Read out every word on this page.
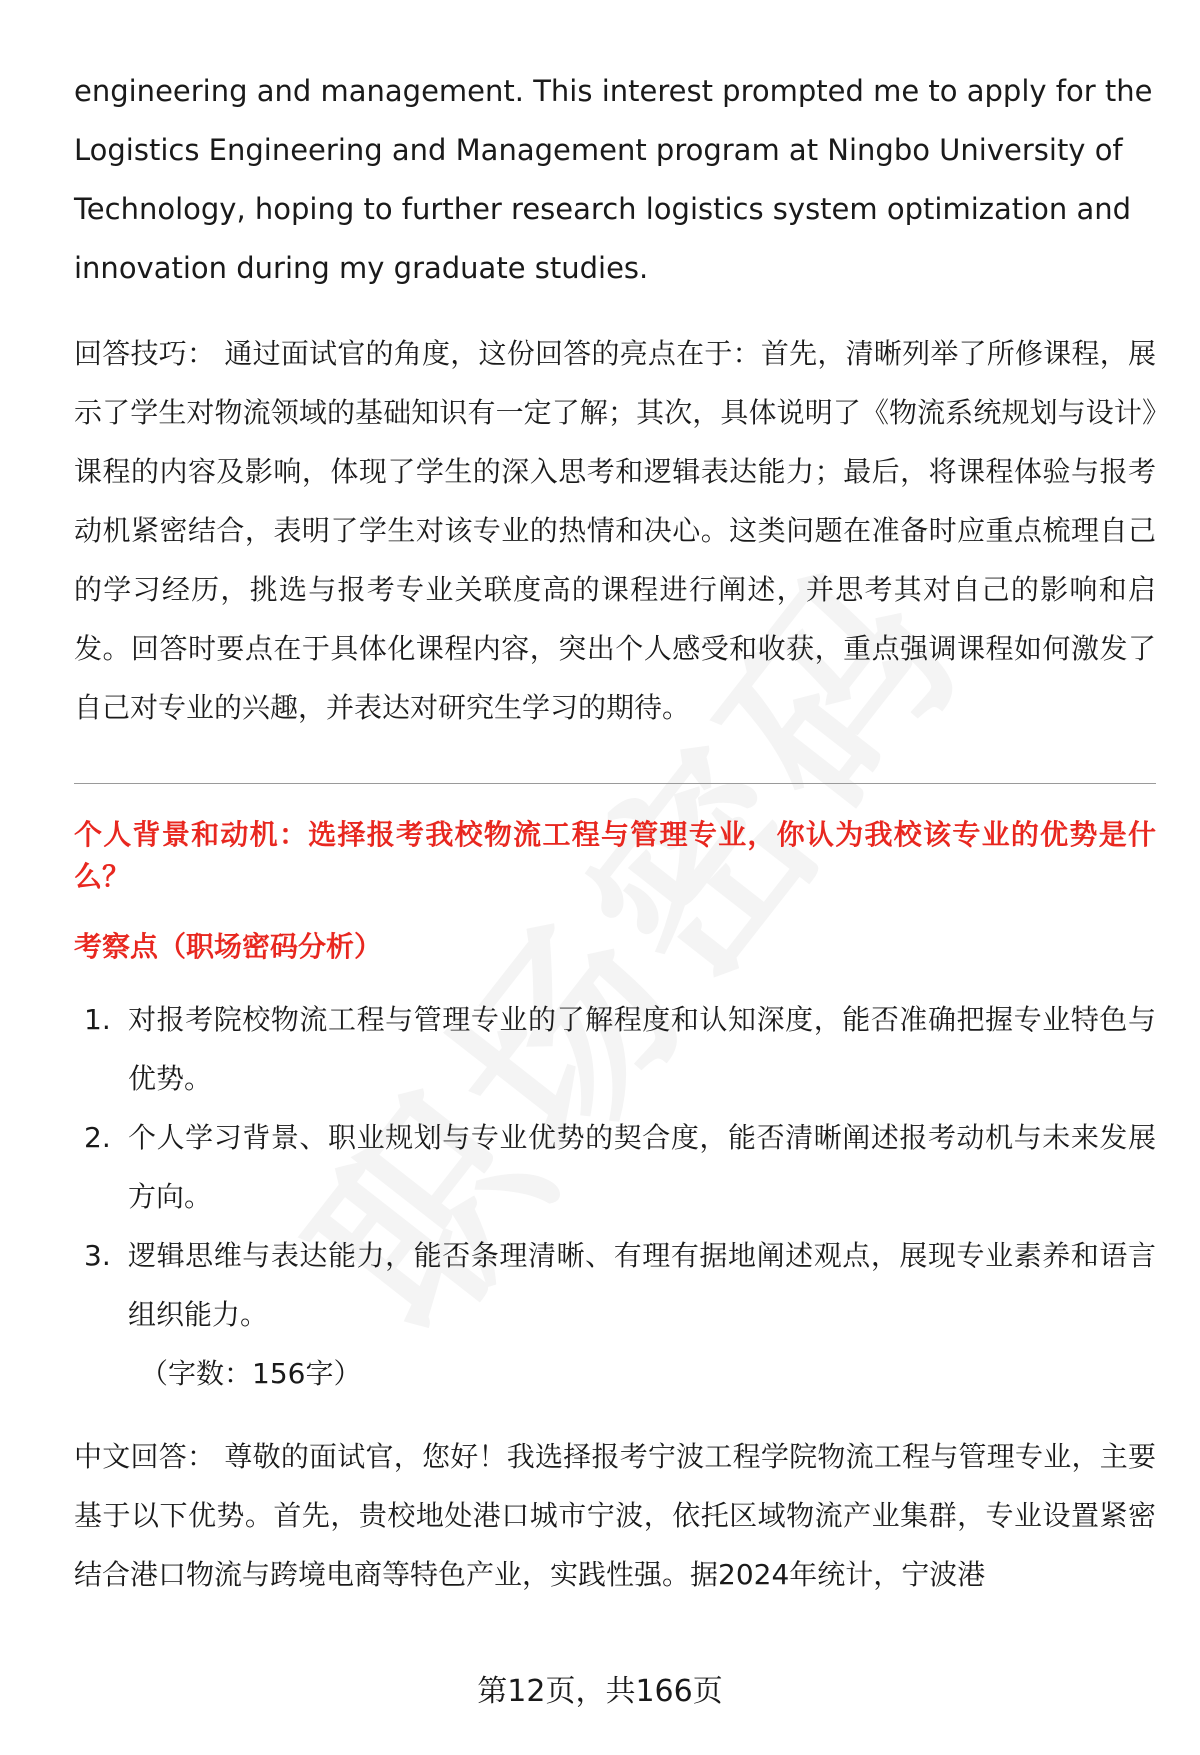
engineering and management. This interest prompted me to apply for the Logistics Engineering and Management program at Ningbo University of Technology, hoping to further research logistics system optimization and innovation during my graduate studies.

回答技巧： 通过面试官的角度，这份回答的亮点在于：首先，清晰列举了所修课程，展示了学生对物流领域的基础知识有一定了解；其次，具体说明了《物流系统规划与设计》课程的内容及影响，体现了学生的深入思考和逻辑表达能力；最后，将课程体验与报考动机紧密结合，表明了学生对该专业的热情和决心。这类问题在准备时应重点梳理自己的学习经历，挑选与报考专业关联度高的课程进行阐述，并思考其对自己的影响和启发。回答时要点在于具体化课程内容，突出个人感受和收获，重点强调课程如何激发了自己对专业的兴趣，并表达对研究生学习的期待。

个人背景和动机：选择报考我校物流工程与管理专业，你认为我校该专业的优势是什么？
考察点（职场密码分析）
1. 对报考院校物流工程与管理专业的了解程度和认知深度，能否准确把握专业特色与优势。
2. 个人学习背景、职业规划与专业优势的契合度，能否清晰阐述报考动机与未来发展方向。
3. 逻辑思维与表达能力，能否条理清晰、有理有据地阐述观点，展现专业素养和语言组织能力。
（字数：156字）

中文回答： 尊敬的面试官，您好！我选择报考宁波工程学院物流工程与管理专业，主要基于以下优势。首先，贵校地处港口城市宁波，依托区域物流产业集群，专业设置紧密结合港口物流与跨境电商等特色产业，实践性强。据2024年统计，宁波港

第12页，共166页
